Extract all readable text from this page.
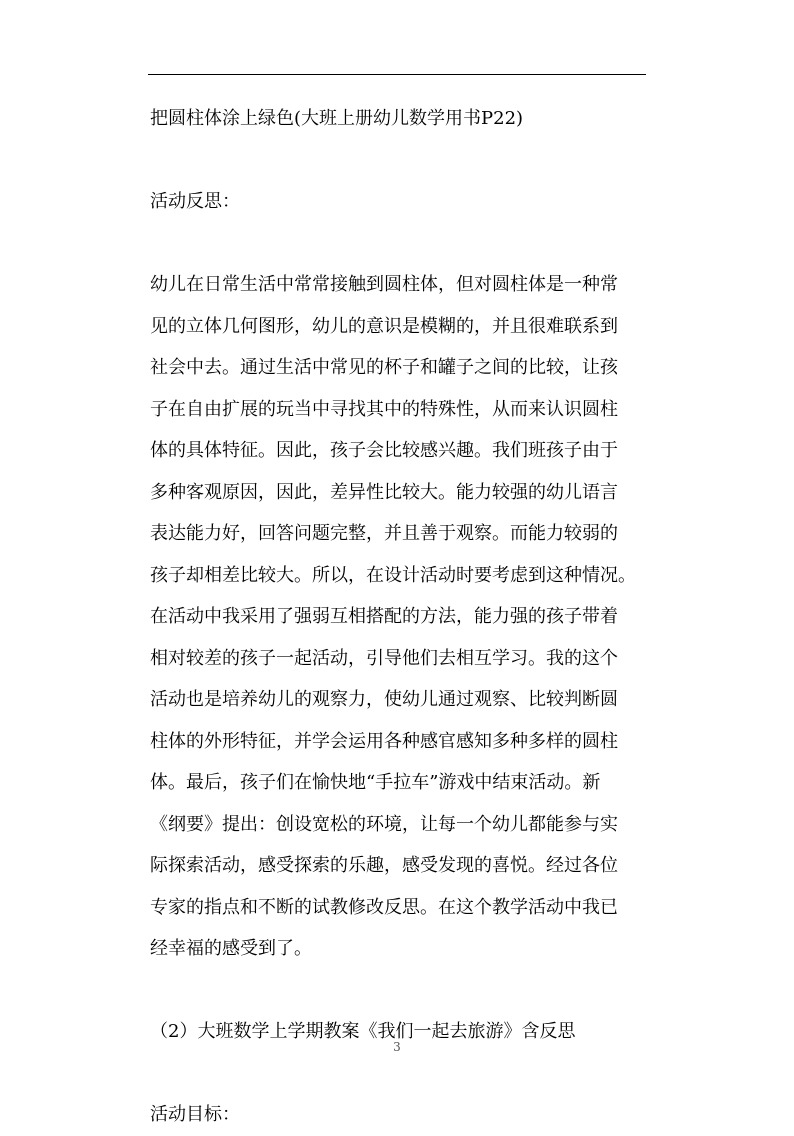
把圆柱体涂上绿色(大班上册幼儿数学用书P22)

活动反思：

幼儿在日常生活中常常接触到圆柱体，但对圆柱体是一种常

见的立体几何图形，幼儿的意识是模糊的，并且很难联系到

社会中去。通过生活中常见的杯子和罐子之间的比较，让孩

子在自由扩展的玩当中寻找其中的特殊性，从而来认识圆柱

体的具体特征。因此，孩子会比较感兴趣。我们班孩子由于

多种客观原因，因此，差异性比较大。能力较强的幼儿语言

表达能力好，回答问题完整，并且善于观察。而能力较弱的

孩子却相差比较大。所以，在设计活动时要考虑到这种情况。

在活动中我采用了强弱互相搭配的方法，能力强的孩子带着

相对较差的孩子一起活动，引导他们去相互学习。我的这个

活动也是培养幼儿的观察力，使幼儿通过观察、比较判断圆

柱体的外形特征，并学会运用各种感官感知多种多样的圆柱

体。最后，孩子们在愉快地“手拉车”游戏中结束活动。新

《纲要》提出：创设宽松的环境，让每一个幼儿都能参与实

际探索活动，感受探索的乐趣，感受发现的喜悦。经过各位

专家的指点和不断的试教修改反思。在这个教学活动中我已

经幸福的感受到了。

（2）大班数学上学期教案《我们一起去旅游》含反思

活动目标：

3
